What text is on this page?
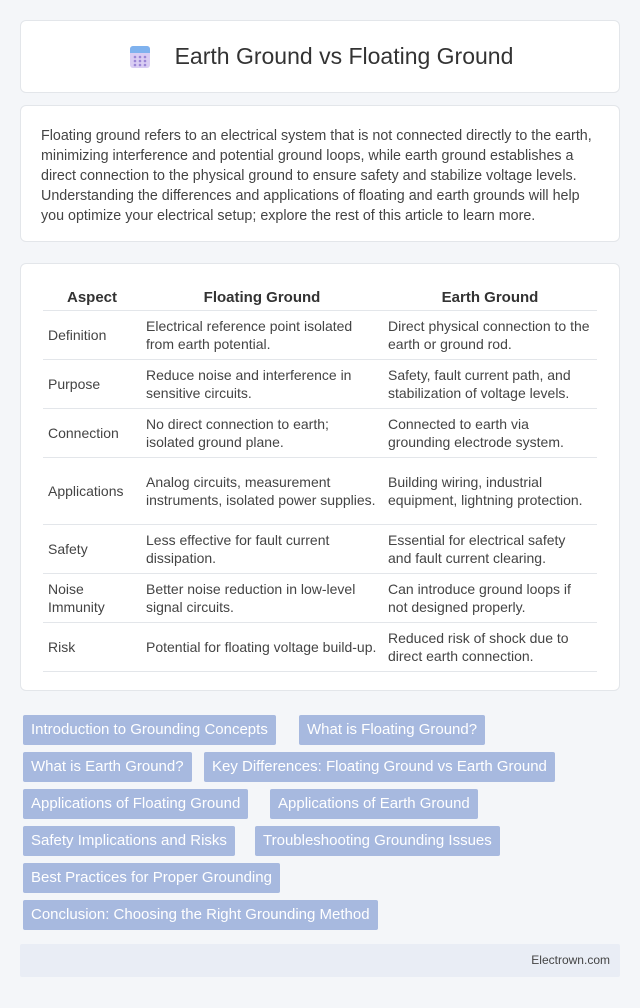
Earth Ground vs Floating Ground

Floating ground refers to an electrical system that is not connected directly to the earth, minimizing interference and potential ground loops, while earth ground establishes a direct connection to the physical ground to ensure safety and stabilize voltage levels. Understanding the differences and applications of floating and earth grounds will help you optimize your electrical setup; explore the rest of this article to learn more.

Aspect	Floating Ground	Earth Ground
Definition	Electrical reference point isolated from earth potential.	Direct physical connection to the earth or ground rod.
Purpose	Reduce noise and interference in sensitive circuits.	Safety, fault current path, and stabilization of voltage levels.
Connection	No direct connection to earth; isolated ground plane.	Connected to earth via grounding electrode system.
Applications	Analog circuits, measurement instruments, isolated power supplies.	Building wiring, industrial equipment, lightning protection.
Safety	Less effective for fault current dissipation.	Essential for electrical safety and fault current clearing.
Noise Immunity	Better noise reduction in low-level signal circuits.	Can introduce ground loops if not designed properly.
Risk	Potential for floating voltage build-up.	Reduced risk of shock due to direct earth connection.
Introduction to Grounding Concepts	What is Floating Ground?
What is Earth Ground?	Key Differences: Floating Ground vs Earth Ground
Applications of Floating Ground	Applications of Earth Ground
Safety Implications and Risks	Troubleshooting Grounding Issues
Best Practices for Proper Grounding
Conclusion: Choosing the Right Grounding Method
Electrown.com
